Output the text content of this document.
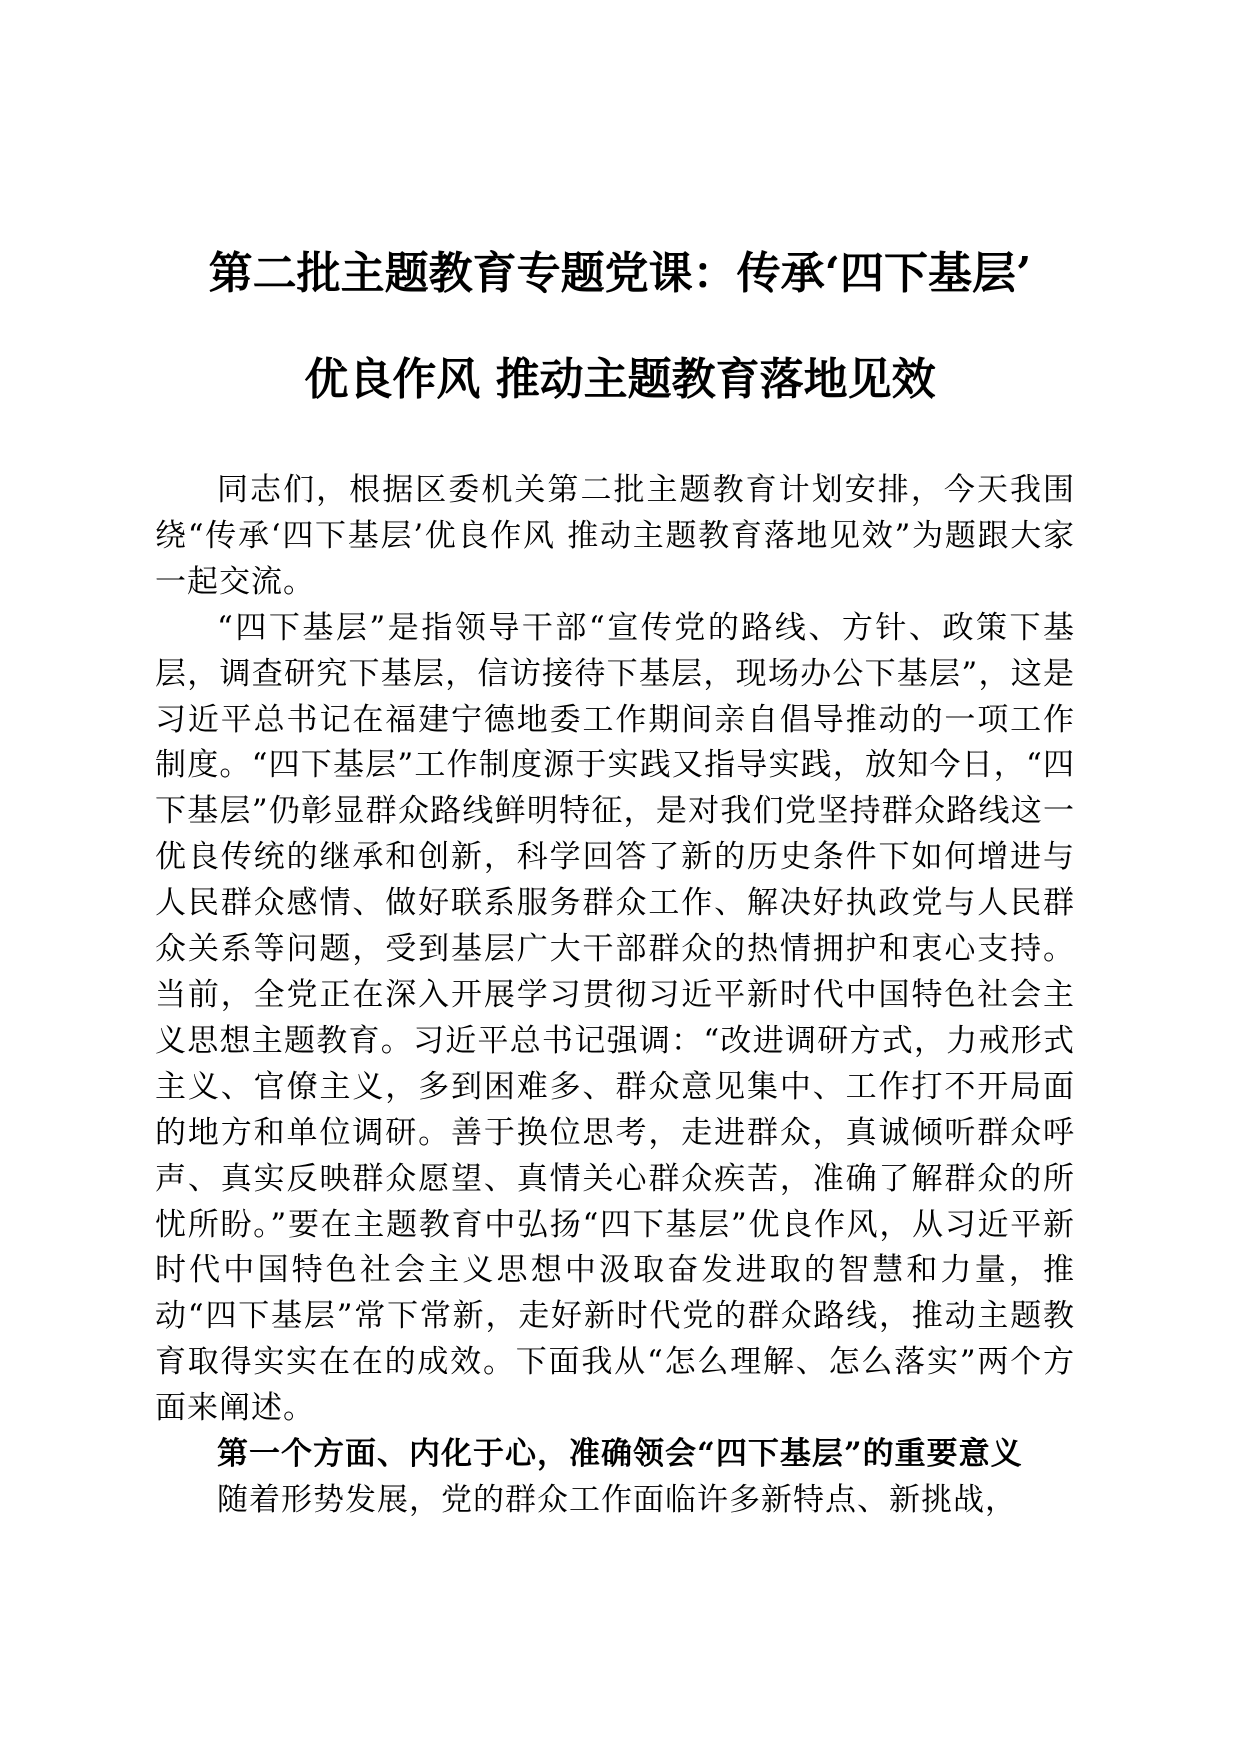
第二批主题教育专题党课：传承‘四下基层’
优良作风 推动主题教育落地见效

同志们，根据区委机关第二批主题教育计划安排，今天我围绕“传承‘四下基层’优良作风 推动主题教育落地见效”为题跟大家一起交流。

“四下基层”是指领导干部“宣传党的路线、方针、政策下基层，调查研究下基层，信访接待下基层，现场办公下基层”，这是习近平总书记在福建宁德地委工作期间亲自倡导推动的一项工作制度。“四下基层”工作制度源于实践又指导实践，放知今日，“四下基层”仍彰显群众路线鲜明特征，是对我们党坚持群众路线这一优良传统的继承和创新，科学回答了新的历史条件下如何增进与人民群众感情、做好联系服务群众工作、解决好执政党与人民群众关系等问题，受到基层广大干部群众的热情拥护和衷心支持。当前，全党正在深入开展学习贯彻习近平新时代中国特色社会主义思想主题教育。习近平总书记强调：“改进调研方式，力戒形式主义、官僚主义，多到困难多、群众意见集中、工作打不开局面的地方和单位调研。善于换位思考，走进群众，真诚倾听群众呼声、真实反映群众愿望、真情关心群众疾苦，准确了解群众的所忧所盼。”要在主题教育中弘扬“四下基层”优良作风，从习近平新时代中国特色社会主义思想中汲取奋发进取的智慧和力量，推动“四下基层”常下常新，走好新时代党的群众路线，推动主题教育取得实实在在的成效。下面我从“怎么理解、怎么落实”两个方面来阐述。

第一个方面、内化于心，准确领会“四下基层”的重要意义

随着形势发展，党的群众工作面临许多新特点、新挑战，
